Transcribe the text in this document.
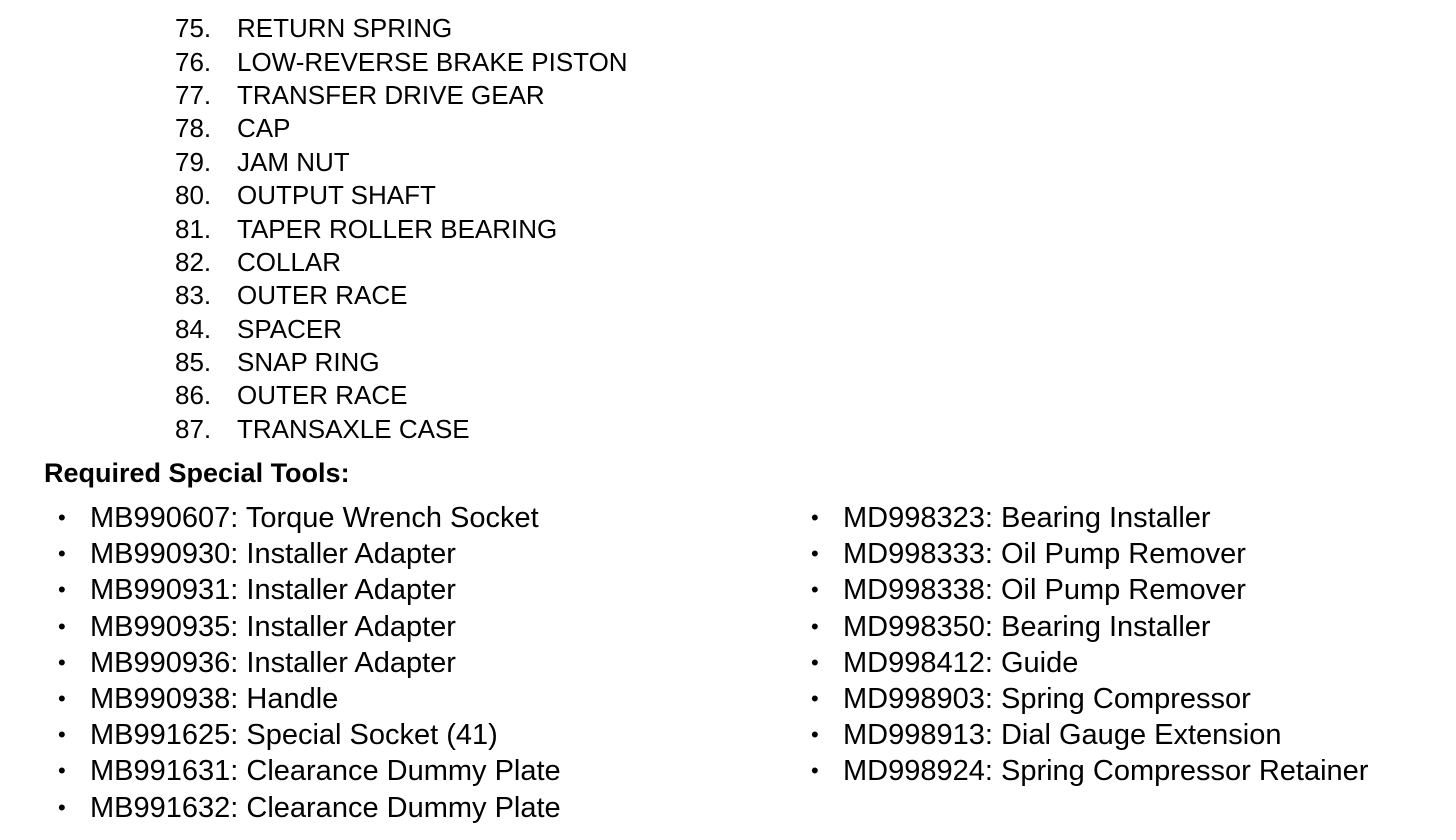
75. RETURN SPRING
76. LOW-REVERSE BRAKE PISTON
77. TRANSFER DRIVE GEAR
78. CAP
79. JAM NUT
80. OUTPUT SHAFT
81. TAPER ROLLER BEARING
82. COLLAR
83. OUTER RACE
84. SPACER
85. SNAP RING
86. OUTER RACE
87. TRANSAXLE CASE
Required Special Tools:
• MB990607: Torque Wrench Socket
• MB990930: Installer Adapter
• MB990931: Installer Adapter
• MB990935: Installer Adapter
• MB990936: Installer Adapter
• MB990938: Handle
• MB991625: Special Socket (41)
• MB991631: Clearance Dummy Plate
• MB991632: Clearance Dummy Plate
• MD998323: Bearing Installer
• MD998333: Oil Pump Remover
• MD998338: Oil Pump Remover
• MD998350: Bearing Installer
• MD998412: Guide
• MD998903: Spring Compressor
• MD998913: Dial Gauge Extension
• MD998924: Spring Compressor Retainer
